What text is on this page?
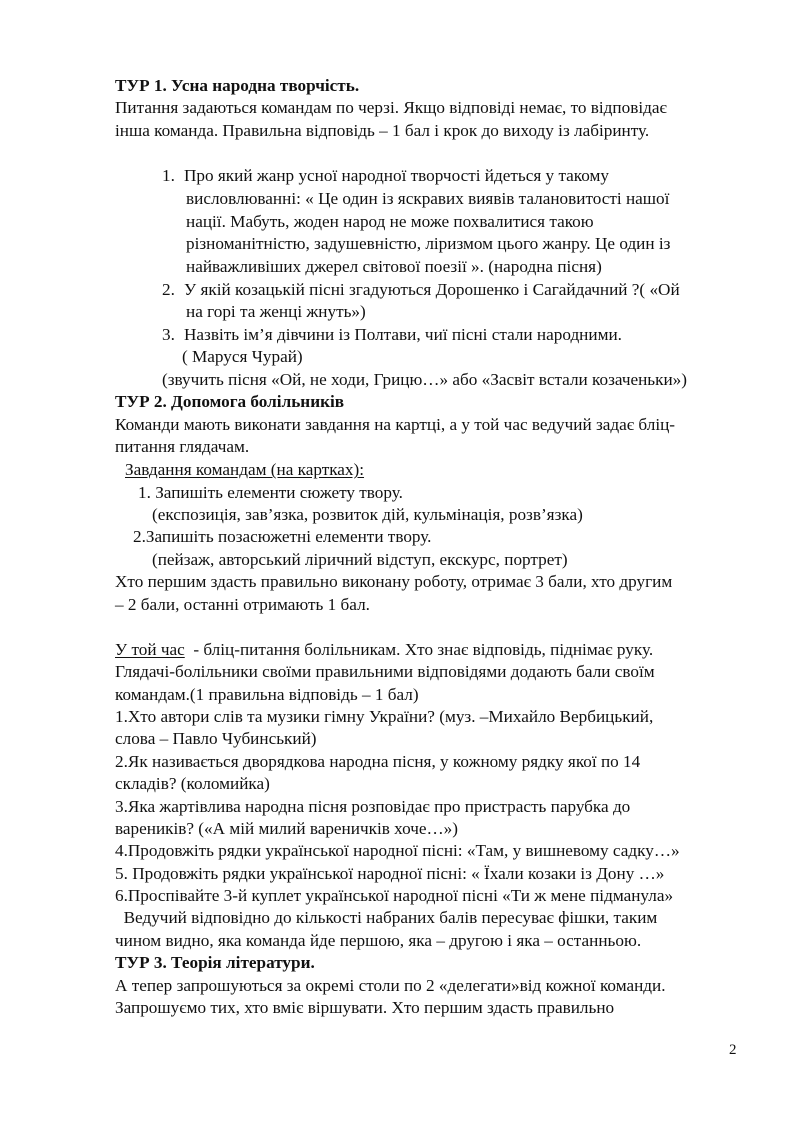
ТУР 1. Усна народна творчість.
Питання задаються командам по черзі. Якщо відповіді немає, то відповідає
інша команда. Правильна відповідь – 1 бал і крок до виходу із лабіринту.
1. Про який жанр усної народної творчості йдеться у такому
висловлюванні: « Це один із яскравих виявів талановитості нашої
нації. Мабуть, жоден народ не може похвалитися такою
різноманітністю, задушевністю, ліризмом цього жанру. Це один із
найважливіших джерел світової поезії ». (народна пісня)
2. У якій козацькій пісні згадуються Дорошенко і Сагайдачний ?( «Ой
на горі та женці жнуть»)
3. Назвіть ім’я дівчини із Полтави, чиї пісні стали народними.
( Маруся Чурай)
(звучить пісня «Ой, не ходи, Грицю…» або «Засвіт встали козаченьки»)
ТУР 2. Допомога болільників
Команди мають виконати завдання на картці, а у той час ведучий задає бліц-
питання глядачам.
Завдання командам (на картках):
1. Запишіть елементи сюжету твору.
(експозиція, зав’язка, розвиток дій, кульмінація, розв’язка)
2.Запишіть позасюжетні елементи твору.
(пейзаж, авторський ліричний відступ, екскурс, портрет)
Хто першим здасть правильно виконану роботу, отримає 3 бали, хто другим
– 2 бали, останні отримають 1 бал.
У той час  - бліц-питання болільникам. Хто знає відповідь, піднімає руку.
Глядачі-болільники своїми правильними відповідями додають бали своїм
командам.(1 правильна відповідь – 1 бал)
1.Хто автори слів та музики гімну України? (муз. –Михайло Вербицький,
слова – Павло Чубинський)
2.Як називається дворядкова народна пісня, у кожному рядку якої по 14
складів? (коломийка)
3.Яка жартівлива народна пісня розповідає про пристрасть парубка до
вареників? («А мій милий вареничків хоче…»)
4.Продовжіть рядки української народної пісні: «Там, у вишневому садку…»
5. Продовжіть рядки української народної пісні: « Їхали козаки із Дону …»
6.Проспівайте 3-й куплет української народної пісні «Ти ж мене підманула»
Ведучий відповідно до кількості набраних балів пересуває фішки, таким
чином видно, яка команда йде першою, яка – другою і яка – останньою.
ТУР 3. Теорія літератури.
А тепер запрошуються за окремі столи по 2 «делегати»від кожної команди.
Запрошуємо тих, хто вміє віршувати. Хто першим здасть правильно
2
